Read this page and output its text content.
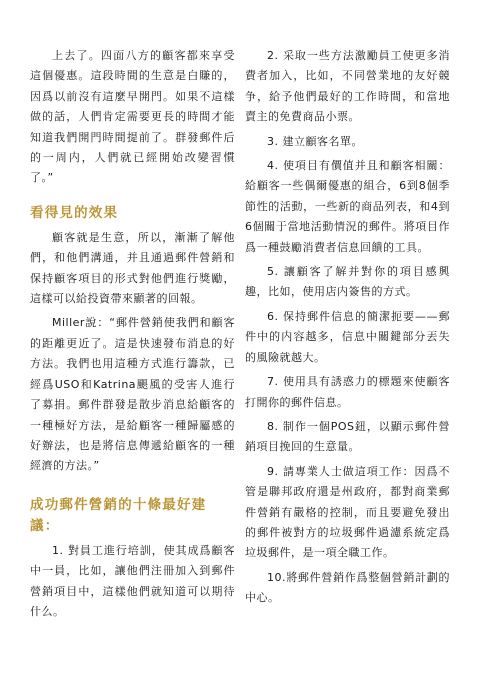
上去了。四面八方的顧客都來享受這個優惠。這段時間的生意是白賺的，因爲以前沒有這麼早開門。如果不這樣做的話，人們肯定需要更長的時間才能知道我們開門時間提前了。群發郵件后的一周内，人們就已經開始改變習慣了。”

看得見的效果

顧客就是生意，所以，漸漸了解他們，和他們溝通，并且通過郵件營銷和保持顧客項目的形式對他們進行獎勵，這樣可以給投資帶來顯著的回報。

Miller說：“郵件營銷使我們和顧客的距離更近了。這是快速發布消息的好方法。我們也用這種方式進行籌款，已經爲USO和Katrina颶風的受害人進行了募捐。郵件群發是散步消息給顧客的一種極好方法，是給顧客一種歸屬感的好辦法，也是將信息傳遞給顧客的一種經濟的方法。”

成功郵件營銷的十條最好建議：

1. 對員工進行培訓，使其成爲顧客中一員，比如，讓他們注冊加入到郵件營銷項目中，這樣他們就知道可以期待什么。

2. 采取一些方法激勵員工使更多消費者加入，比如，不同營業地的友好競争，給予他們最好的工作時間，和當地賣主的免費商品小票。

3. 建立顧客名單。

4. 使項目有價值并且和顧客相關：給顧客一些偶爾優惠的組合，6到8個季節性的活動，一些新的商品列表，和4到6個關于當地活動情況的郵件。將項目作爲一種鼓勵消費者信息回饋的工具。

5. 讓顧客了解并對你的項目感興趣，比如，使用店内簽售的方式。

6. 保持郵件信息的簡潔扼要——郵件中的内容越多，信息中關鍵部分丟失的風險就越大。

7. 使用具有誘惑力的標題來使顧客打開你的郵件信息。

8. 制作一個POS鈕，以顯示郵件營銷項目挽回的生意量。

9. 請專業人士做這項工作：因爲不管是聯邦政府還是州政府，都對商業郵件營銷有嚴格的控制，而且要避免發出的郵件被對方的垃圾郵件過濾系統定爲垃圾郵件，是一項全職工作。

10.將郵件營銷作爲整個營銷計劃的中心。
